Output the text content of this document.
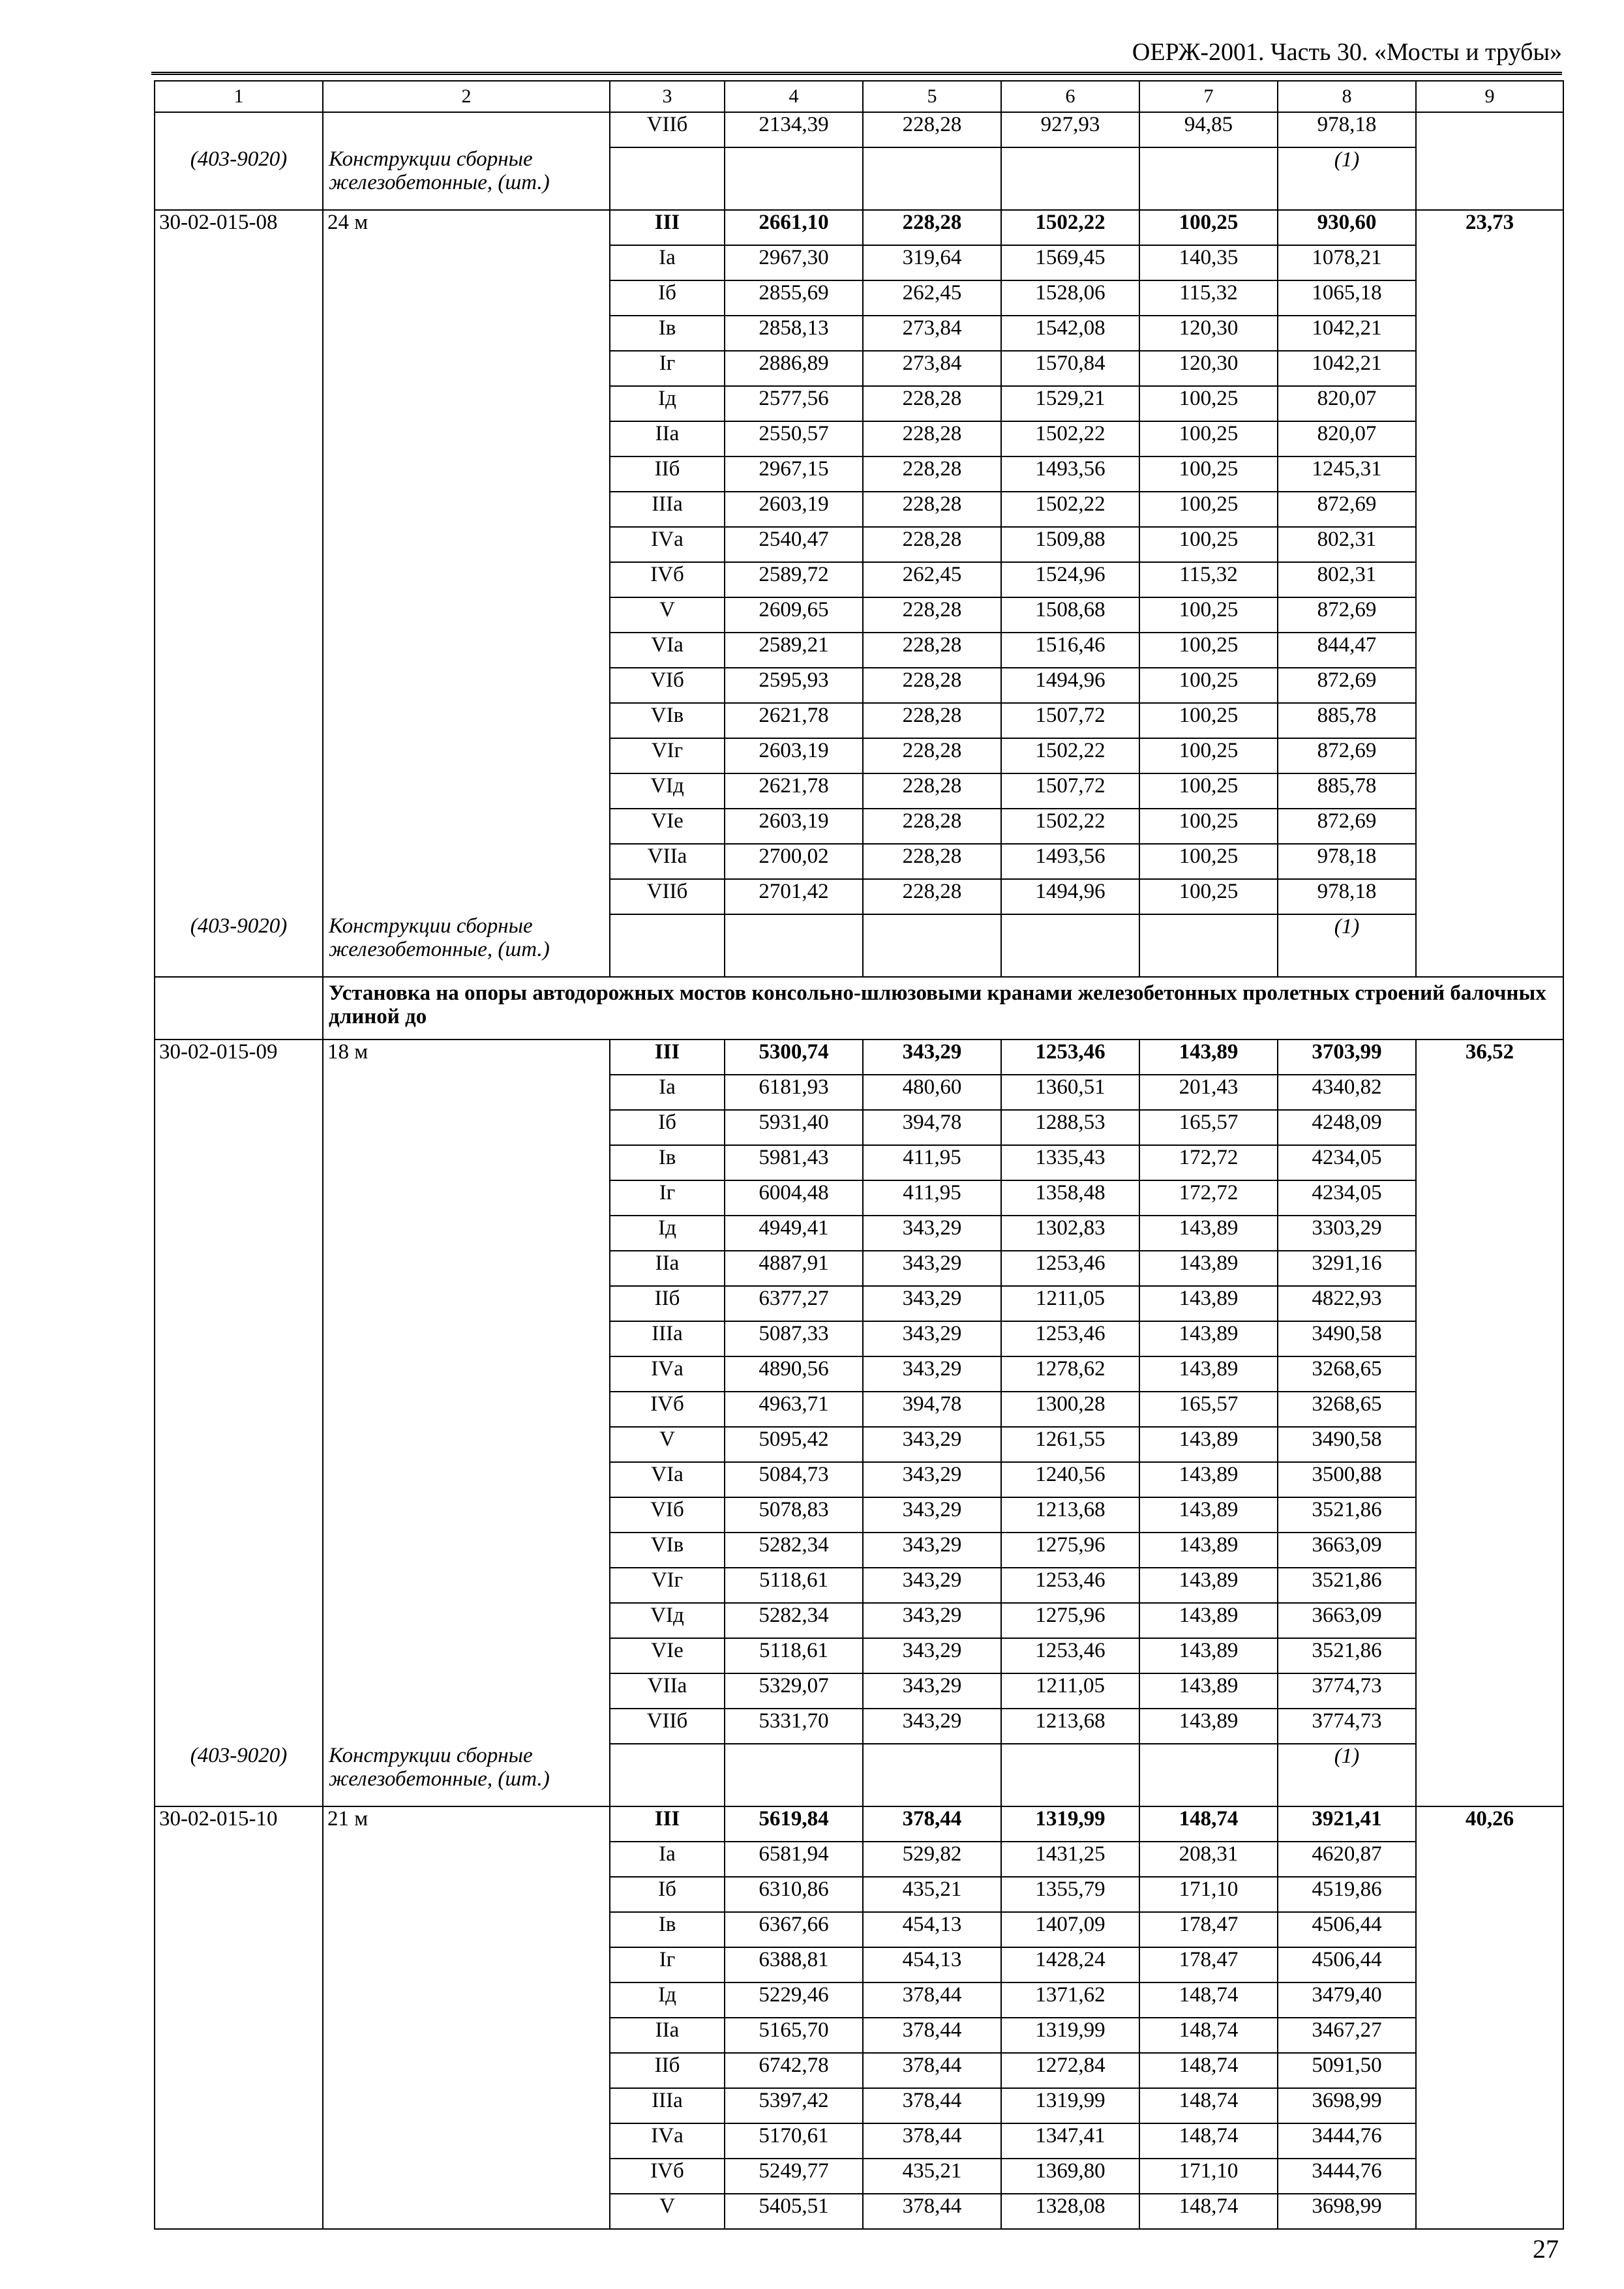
ОЕРЖ-2001. Часть 30. «Мосты и трубы»
1	2	3	4	5	6	7	8	9
		VIIб	2134,39	228,28	927,93	94,85	978,18	
(403-9020)	Конструкции сборные железобетонные, (шт.)						(1)	
30-02-015-08	24 м	III	2661,10	228,28	1502,22	100,25	930,60	23,73
		Iа	2967,30	319,64	1569,45	140,35	1078,21	
		Iб	2855,69	262,45	1528,06	115,32	1065,18	
		Iв	2858,13	273,84	1542,08	120,30	1042,21	
		Iг	2886,89	273,84	1570,84	120,30	1042,21	
		Iд	2577,56	228,28	1529,21	100,25	820,07	
		IIа	2550,57	228,28	1502,22	100,25	820,07	
		IIб	2967,15	228,28	1493,56	100,25	1245,31	
		IIIа	2603,19	228,28	1502,22	100,25	872,69	
		IVа	2540,47	228,28	1509,88	100,25	802,31	
		IVб	2589,72	262,45	1524,96	115,32	802,31	
		V	2609,65	228,28	1508,68	100,25	872,69	
		VIа	2589,21	228,28	1516,46	100,25	844,47	
		VIб	2595,93	228,28	1494,96	100,25	872,69	
		VIв	2621,78	228,28	1507,72	100,25	885,78	
		VIг	2603,19	228,28	1502,22	100,25	872,69	
		VIд	2621,78	228,28	1507,72	100,25	885,78	
		VIе	2603,19	228,28	1502,22	100,25	872,69	
		VIIа	2700,02	228,28	1493,56	100,25	978,18	
		VIIб	2701,42	228,28	1494,96	100,25	978,18	
(403-9020)	Конструкции сборные железобетонные, (шт.)						(1)	
	Установка на опоры автодорожных мостов консольно-шлюзовыми кранами железобетонных пролетных строений балочных длиной до							
30-02-015-09	18 м	III	5300,74	343,29	1253,46	143,89	3703,99	36,52
		Iа	6181,93	480,60	1360,51	201,43	4340,82	
		Iб	5931,40	394,78	1288,53	165,57	4248,09	
		Iв	5981,43	411,95	1335,43	172,72	4234,05	
		Iг	6004,48	411,95	1358,48	172,72	4234,05	
		Iд	4949,41	343,29	1302,83	143,89	3303,29	
		IIа	4887,91	343,29	1253,46	143,89	3291,16	
		IIб	6377,27	343,29	1211,05	143,89	4822,93	
		IIIа	5087,33	343,29	1253,46	143,89	3490,58	
		IVа	4890,56	343,29	1278,62	143,89	3268,65	
		IVб	4963,71	394,78	1300,28	165,57	3268,65	
		V	5095,42	343,29	1261,55	143,89	3490,58	
		VIа	5084,73	343,29	1240,56	143,89	3500,88	
		VIб	5078,83	343,29	1213,68	143,89	3521,86	
		VIв	5282,34	343,29	1275,96	143,89	3663,09	
		VIг	5118,61	343,29	1253,46	143,89	3521,86	
		VIд	5282,34	343,29	1275,96	143,89	3663,09	
		VIе	5118,61	343,29	1253,46	143,89	3521,86	
		VIIа	5329,07	343,29	1211,05	143,89	3774,73	
		VIIб	5331,70	343,29	1213,68	143,89	3774,73	
(403-9020)	Конструкции сборные железобетонные, (шт.)						(1)	
30-02-015-10	21 м	III	5619,84	378,44	1319,99	148,74	3921,41	40,26
		Iа	6581,94	529,82	1431,25	208,31	4620,87	
		Iб	6310,86	435,21	1355,79	171,10	4519,86	
		Iв	6367,66	454,13	1407,09	178,47	4506,44	
		Iг	6388,81	454,13	1428,24	178,47	4506,44	
		Iд	5229,46	378,44	1371,62	148,74	3479,40	
		IIа	5165,70	378,44	1319,99	148,74	3467,27	
		IIб	6742,78	378,44	1272,84	148,74	5091,50	
		IIIа	5397,42	378,44	1319,99	148,74	3698,99	
		IVа	5170,61	378,44	1347,41	148,74	3444,76	
		IVб	5249,77	435,21	1369,80	171,10	3444,76	
		V	5405,51	378,44	1328,08	148,74	3698,99	
27
